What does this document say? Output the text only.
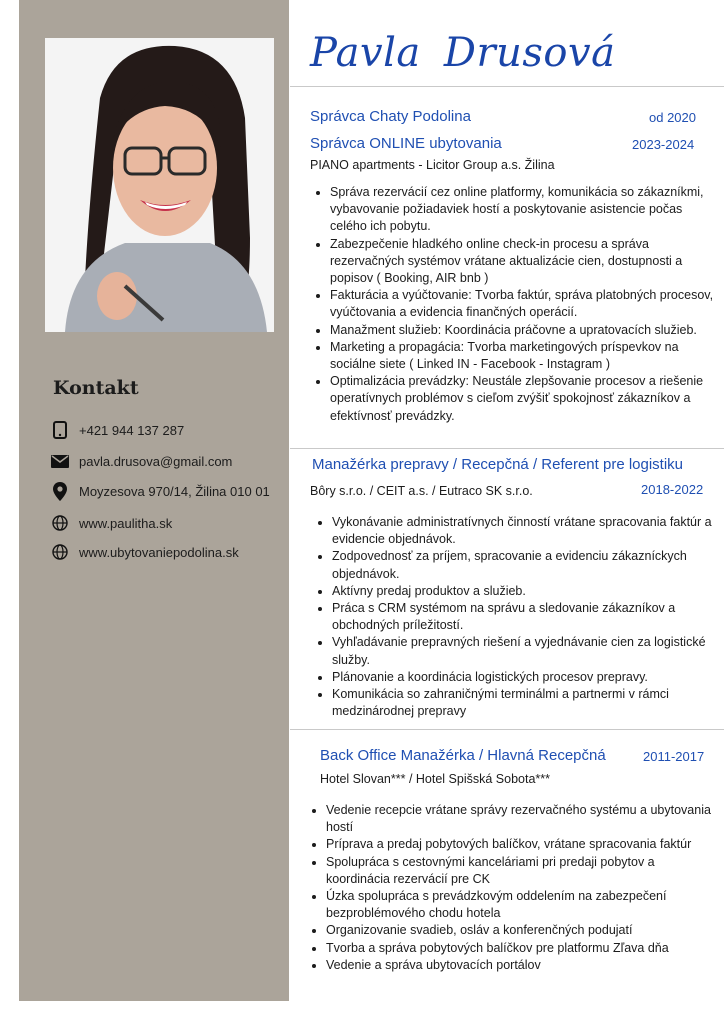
Kontakt
+421 944 137 287
pavla.drusova@gmail.com
Moyzesova 970/14, Žilina 010 01
www.paulitha.sk
www.ubytovaniepodolina.sk
Pavla Drusová
Správca Chaty Podolina	od 2020
Správca ONLINE ubytovania	2023-2024
PIANO apartments - Licitor Group a.s. Žilina
• Správa rezervácií cez online platformy, komunikácia so zákazníkmi, vybavovanie požiadaviek hostí a poskytovanie asistencie počas celého ich pobytu.
• Zabezpečenie hladkého online check-in procesu a správa rezervačných systémov vrátane aktualizácie cien, dostupnosti a popisov ( Booking, AIR bnb )
• Fakturácia a vyúčtovanie: Tvorba faktúr, správa platobných procesov, vyúčtovania a evidencia finančných operácií.
• Manažment služieb: Koordinácia práčovne a upratovacích služieb.
• Marketing a propagácia: Tvorba marketingových príspevkov na sociálne siete ( Linked IN - Facebook - Instagram )
• Optimalizácia prevádzky: Neustále zlepšovanie procesov a riešenie operatívnych problémov s cieľom zvýšiť spokojnosť zákazníkov a efektívnosť prevádzky.
Manažérka prepravy / Recepčná / Referent pre logistiku
Bôry s.r.o. / CEIT a.s. / Eutraco SK s.r.o.	2018-2022
• Vykonávanie administratívnych činností vrátane spracovania faktúr a evidencie objednávok.
• Zodpovednosť za príjem, spracovanie a evidenciu zákazníckych objednávok.
• Aktívny predaj produktov a služieb.
• Práca s CRM systémom na správu a sledovanie zákazníkov a obchodných príležitostí.
• Vyhľadávanie prepravných riešení a vyjednávanie cien za logistické služby.
• Plánovanie a koordinácia logistických procesov prepravy.
• Komunikácia so zahraničnými terminálmi a partnermi v rámci medzinárodnej prepravy
Back Office Manažérka / Hlavná Recepčná	2011-2017
Hotel Slovan*** / Hotel Spišská Sobota***
• Vedenie recepcie vrátane správy rezervačného systému a ubytovania hostí
• Príprava a predaj pobytových balíčkov, vrátane spracovania faktúr
• Spolupráca s cestovnými kanceláriami pri predaji pobytov a koordinácia rezervácií pre CK
• Úzka spolupráca s prevádzkovým oddelením na zabezpečení bezproblémového chodu hotela
• Organizovanie svadieb, osláv a konferenčných podujatí
• Tvorba a správa pobytových balíčkov pre platformu Zľava dňa
• Vedenie a správa ubytovacích portálov
